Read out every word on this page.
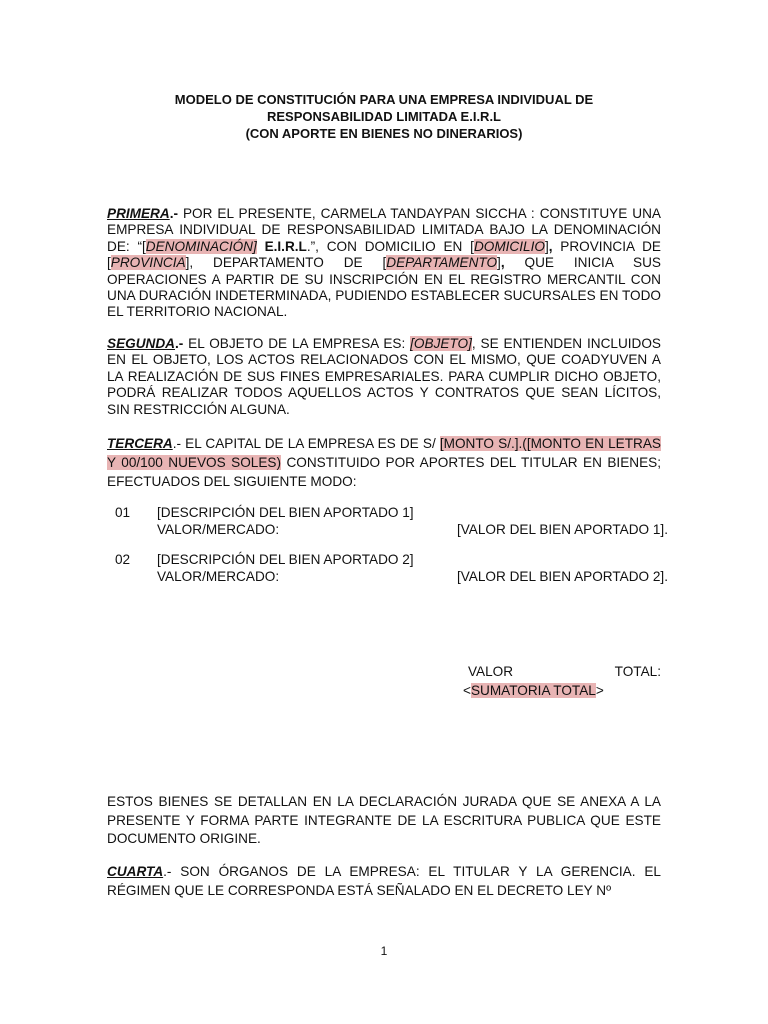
MODELO DE CONSTITUCIÓN PARA UNA EMPRESA INDIVIDUAL DE
RESPONSABILIDAD LIMITADA E.I.R.L
(CON APORTE EN BIENES NO DINERARIOS)
PRIMERA.- POR EL PRESENTE, CARMELA TANDAYPAN SICCHA : CONSTITUYE UNA EMPRESA INDIVIDUAL DE RESPONSABILIDAD LIMITADA BAJO LA DENOMINACIÓN DE: “[DENOMINACIÓN] E.I.R.L.”, CON DOMICILIO EN [DOMICILIO], PROVINCIA DE [PROVINCIA], DEPARTAMENTO DE [DEPARTAMENTO], QUE INICIA SUS OPERACIONES A PARTIR DE SU INSCRIPCIÓN EN EL REGISTRO MERCANTIL CON UNA DURACIÓN INDETERMINADA, PUDIENDO ESTABLECER SUCURSALES EN TODO EL TERRITORIO NACIONAL.
SEGUNDA.- EL OBJETO DE LA EMPRESA ES: [OBJETO], SE ENTIENDEN INCLUIDOS EN EL OBJETO, LOS ACTOS RELACIONADOS CON EL MISMO, QUE COADYUVEN A LA REALIZACIÓN DE SUS FINES EMPRESARIALES. PARA CUMPLIR DICHO OBJETO, PODRÁ REALIZAR TODOS AQUELLOS ACTOS Y CONTRATOS QUE SEAN LÍCITOS, SIN RESTRICCIÓN ALGUNA.
TERCERA.- EL CAPITAL DE LA EMPRESA ES DE S/ [MONTO S/.].([MONTO EN LETRAS Y 00/100 NUEVOS SOLES) CONSTITUIDO POR APORTES DEL TITULAR EN BIENES; EFECTUADOS DEL SIGUIENTE MODO:
01 [DESCRIPCIÓN DEL BIEN APORTADO 1]
VALOR/MERCADO:	[VALOR DEL BIEN APORTADO 1].
02 [DESCRIPCIÓN DEL BIEN APORTADO 2]
VALOR/MERCADO:	[VALOR DEL BIEN APORTADO 2].
VALOR	TOTAL:
<SUMATORIA TOTAL>
ESTOS BIENES SE DETALLAN EN LA DECLARACIÓN JURADA QUE SE ANEXA A LA PRESENTE Y FORMA PARTE INTEGRANTE DE LA ESCRITURA PUBLICA QUE ESTE DOCUMENTO ORIGINE.
CUARTA.- SON ÓRGANOS DE LA EMPRESA: EL TITULAR Y LA GERENCIA. EL RÉGIMEN QUE LE CORRESPONDA ESTÁ SEÑALADO EN EL DECRETO LEY Nº
1
